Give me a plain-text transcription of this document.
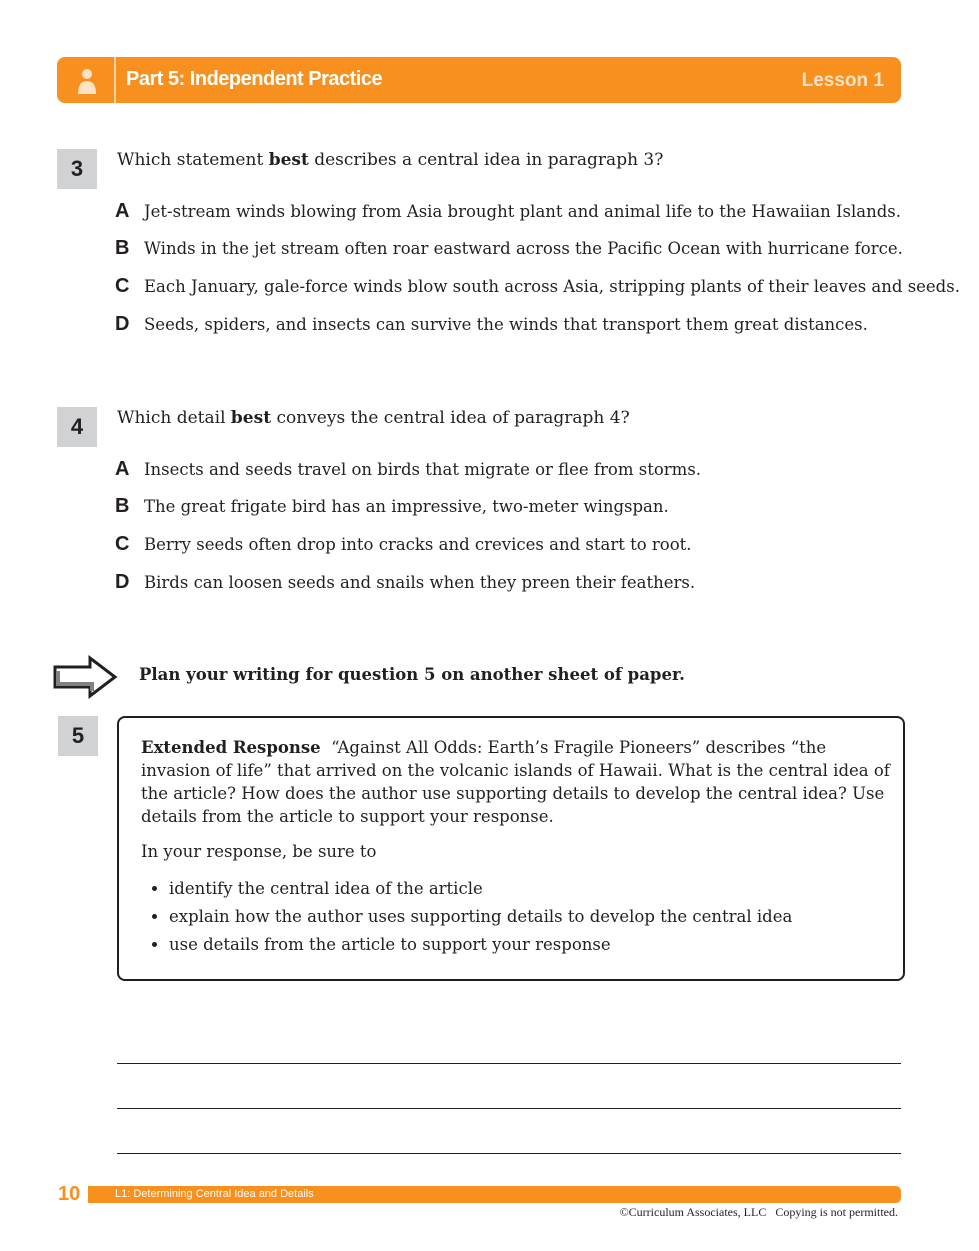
Part 5: Independent Practice	Lesson 1
3	Which statement best describes a central idea in paragraph 3?
A Jet-stream winds blowing from Asia brought plant and animal life to the Hawaiian Islands.
B Winds in the jet stream often roar eastward across the Pacific Ocean with hurricane force.
C Each January, gale-force winds blow south across Asia, stripping plants of their leaves and seeds.
D Seeds, spiders, and insects can survive the winds that transport them great distances.
4	Which detail best conveys the central idea of paragraph 4?
A Insects and seeds travel on birds that migrate or flee from storms.
B The great frigate bird has an impressive, two-meter wingspan.
C Berry seeds often drop into cracks and crevices and start to root.
D Birds can loosen seeds and snails when they preen their feathers.
Plan your writing for question 5 on another sheet of paper.
5	Extended Response “Against All Odds: Earth’s Fragile Pioneers” describes “the invasion of life” that arrived on the volcanic islands of Hawaii. What is the central idea of the article? How does the author use supporting details to develop the central idea? Use details from the article to support your response.

In your response, be sure to

• identify the central idea of the article
• explain how the author uses supporting details to develop the central idea
• use details from the article to support your response
10	L1: Determining Central Idea and Details
©Curriculum Associates, LLC   Copying is not permitted.
